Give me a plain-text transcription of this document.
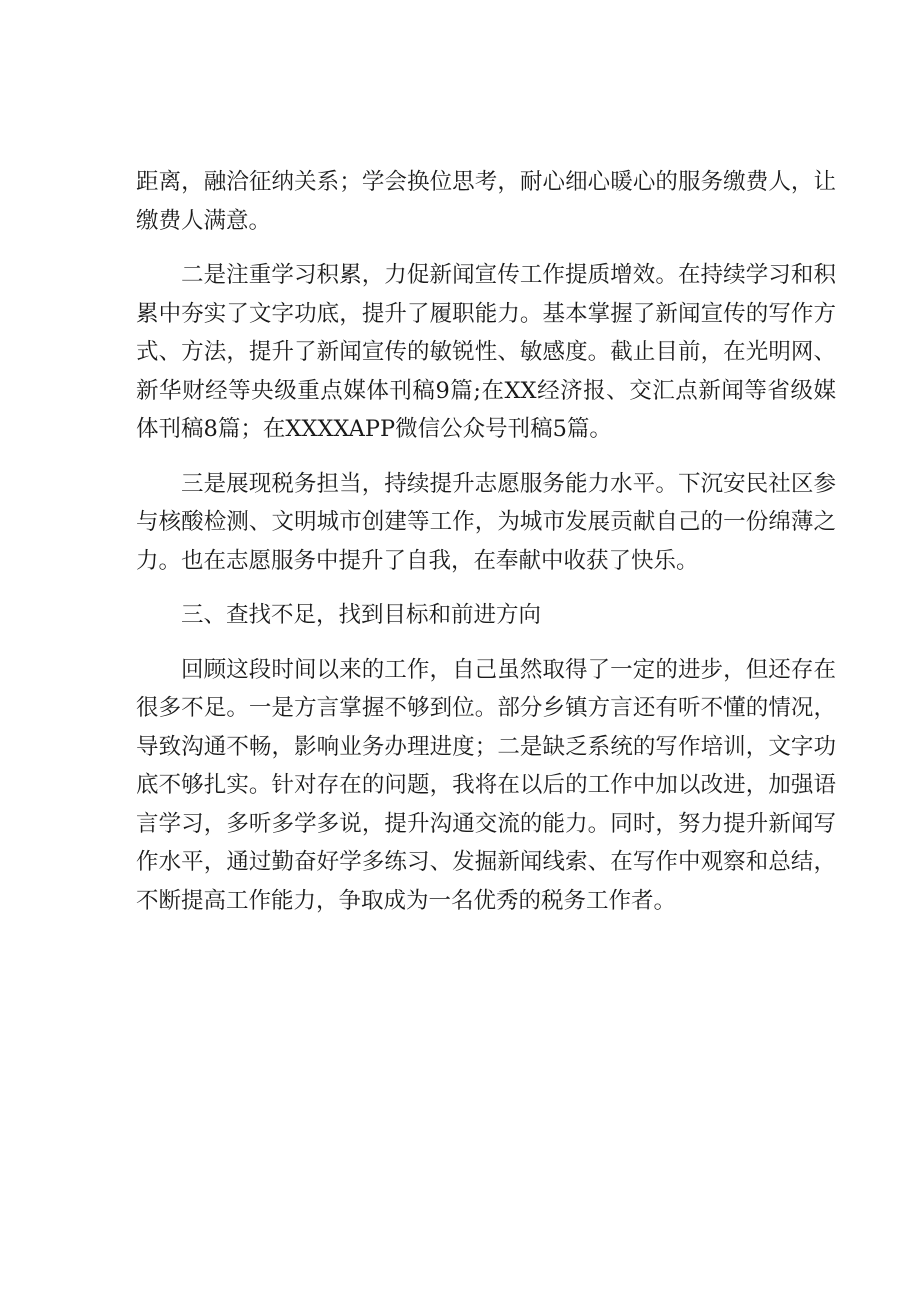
距离，融洽征纳关系；学会换位思考，耐心细心暖心的服务缴费人，让缴费人满意。

二是注重学习积累，力促新闻宣传工作提质增效。在持续学习和积累中夯实了文字功底，提升了履职能力。基本掌握了新闻宣传的写作方式、方法，提升了新闻宣传的敏锐性、敏感度。截止目前，在光明网、新华财经等央级重点媒体刊稿9篇;在XX经济报、交汇点新闻等省级媒体刊稿8篇；在XXXXAPP微信公众号刊稿5篇。

三是展现税务担当，持续提升志愿服务能力水平。下沉安民社区参与核酸检测、文明城市创建等工作，为城市发展贡献自己的一份绵薄之力。也在志愿服务中提升了自我，在奉献中收获了快乐。

三、查找不足，找到目标和前进方向

回顾这段时间以来的工作，自己虽然取得了一定的进步，但还存在很多不足。一是方言掌握不够到位。部分乡镇方言还有听不懂的情况，导致沟通不畅，影响业务办理进度；二是缺乏系统的写作培训，文字功底不够扎实。针对存在的问题，我将在以后的工作中加以改进，加强语言学习，多听多学多说，提升沟通交流的能力。同时，努力提升新闻写作水平，通过勤奋好学多练习、发掘新闻线索、在写作中观察和总结，不断提高工作能力，争取成为一名优秀的税务工作者。
